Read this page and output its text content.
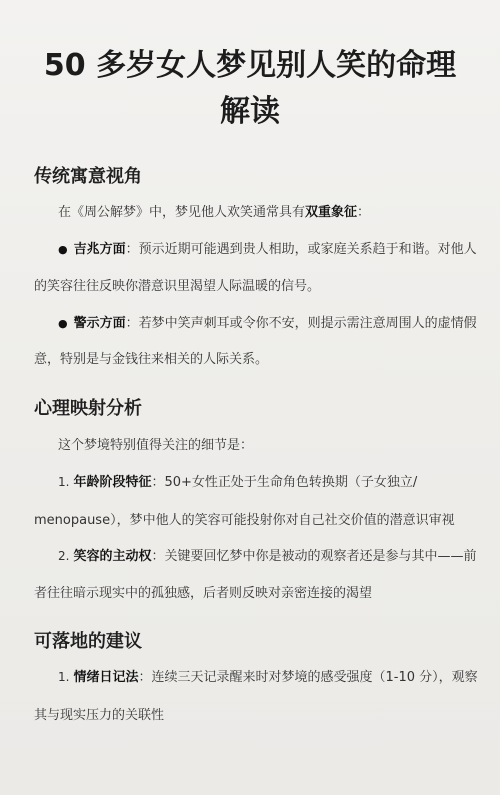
50 多岁女人梦见别人笑的命理
解读
传统寓意视角
在《周公解梦》中，梦见他人欢笑通常具有双重象征：
● 吉兆方面：预示近期可能遇到贵人相助，或家庭关系趋于和谐。对他人
的笑容往往反映你潜意识里渴望人际温暖的信号。
● 警示方面：若梦中笑声刺耳或令你不安，则提示需注意周围人的虚情假
意，特别是与金钱往来相关的人际关系。
心理映射分析
这个梦境特别值得关注的细节是：
1. 年龄阶段特征：50+女性正处于生命角色转换期（子女独立/
menopause），梦中他人的笑容可能投射你对自己社交价值的潜意识审视
2. 笑容的主动权：关键要回忆梦中你是被动的观察者还是参与其中——前
者往往暗示现实中的孤独感，后者则反映对亲密连接的渴望
可落地的建议
1. 情绪日记法：连续三天记录醒来时对梦境的感受强度（1-10 分），观察
其与现实压力的关联性
